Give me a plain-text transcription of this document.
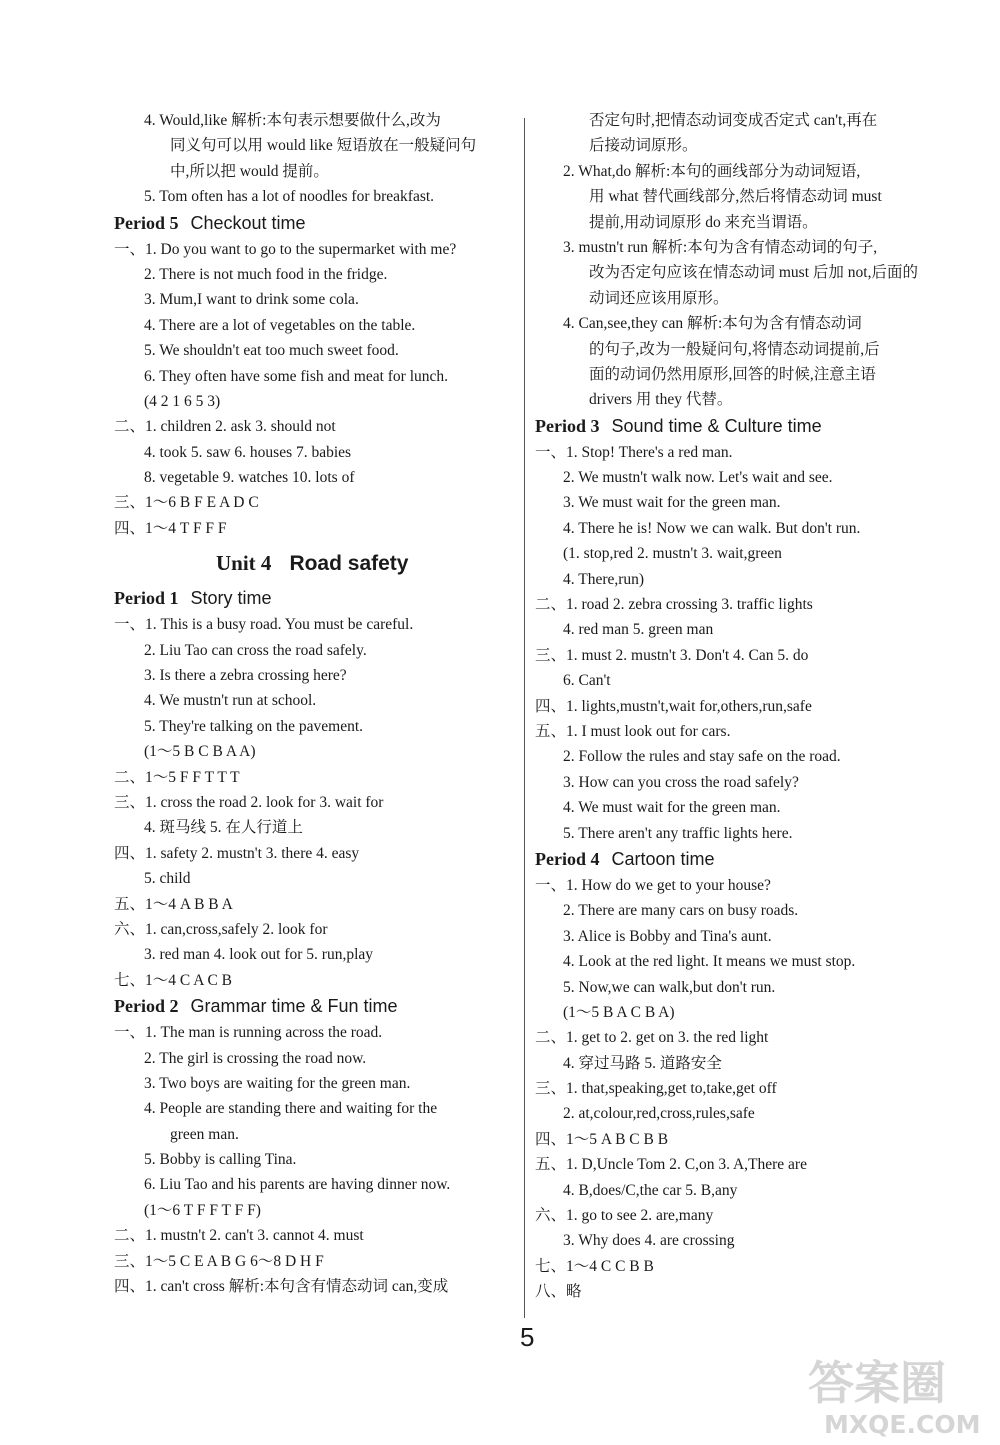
4. Would,like 解析:本句表示想要做什么,改为
同义句可以用 would like 短语放在一般疑问句
中,所以把 would 提前。
5. Tom often has a lot of noodles for breakfast.
Period 5 Checkout time
一、1. Do you want to go to the supermarket with me?
2. There is not much food in the fridge.
3. Mum,I want to drink some cola.
4. There are a lot of vegetables on the table.
5. We shouldn't eat too much sweet food.
6. They often have some fish and meat for lunch.
(4 2 1 6 5 3)
二、1. children 2. ask 3. should not
4. took 5. saw 6. houses 7. babies
8. vegetable 9. watches 10. lots of
三、1～6 B F E A D C
四、1～4 T F F F
Unit 4 Road safety
Period 1 Story time
一、1. This is a busy road. You must be careful.
2. Liu Tao can cross the road safely.
3. Is there a zebra crossing here?
4. We mustn't run at school.
5. They're talking on the pavement.
(1～5 B C B A A)
二、1～5 F F T T T
三、1. cross the road 2. look for 3. wait for
4. 斑马线 5. 在人行道上
四、1. safety 2. mustn't 3. there 4. easy
5. child
五、1～4 A B B A
六、1. can,cross,safely 2. look for
3. red man 4. look out for 5. run,play
七、1～4 C A C B
Period 2 Grammar time & Fun time
一、1. The man is running across the road.
2. The girl is crossing the road now.
3. Two boys are waiting for the green man.
4. People are standing there and waiting for the
green man.
5. Bobby is calling Tina.
6. Liu Tao and his parents are having dinner now.
(1～6 T F F T F F)
二、1. mustn't 2. can't 3. cannot 4. must
三、1～5 C E A B G 6～8 D H F
四、1. can't cross 解析:本句含有情态动词 can,变成
否定句时,把情态动词变成否定式 can't,再在
后接动词原形。
2. What,do 解析:本句的画线部分为动词短语,
用 what 替代画线部分,然后将情态动词 must
提前,用动词原形 do 来充当谓语。
3. mustn't run 解析:本句为含有情态动词的句子,
改为否定句应该在情态动词 must 后加 not,后面的
动词还应该用原形。
4. Can,see,they can 解析:本句为含有情态动词
的句子,改为一般疑问句,将情态动词提前,后
面的动词仍然用原形,回答的时候,注意主语
drivers 用 they 代替。
Period 3 Sound time & Culture time
一、1. Stop! There's a red man.
2. We mustn't walk now. Let's wait and see.
3. We must wait for the green man.
4. There he is! Now we can walk. But don't run.
(1. stop,red 2. mustn't 3. wait,green
4. There,run)
二、1. road 2. zebra crossing 3. traffic lights
4. red man 5. green man
三、1. must 2. mustn't 3. Don't 4. Can 5. do
6. Can't
四、1. lights,mustn't,wait for,others,run,safe
五、1. I must look out for cars.
2. Follow the rules and stay safe on the road.
3. How can you cross the road safely?
4. We must wait for the green man.
5. There aren't any traffic lights here.
Period 4 Cartoon time
一、1. How do we get to your house?
2. There are many cars on busy roads.
3. Alice is Bobby and Tina's aunt.
4. Look at the red light. It means we must stop.
5. Now,we can walk,but don't run.
(1～5 B A C B A)
二、1. get to 2. get on 3. the red light
4. 穿过马路 5. 道路安全
三、1. that,speaking,get to,take,get off
2. at,colour,red,cross,rules,safe
四、1～5 A B C B B
五、1. D,Uncle Tom 2. C,on 3. A,There are
4. B,does/C,the car 5. B,any
六、1. go to see 2. are,many
3. Why does 4. are crossing
七、1～4 C C B B
八、略
5
答案圈
MXQE.COM
